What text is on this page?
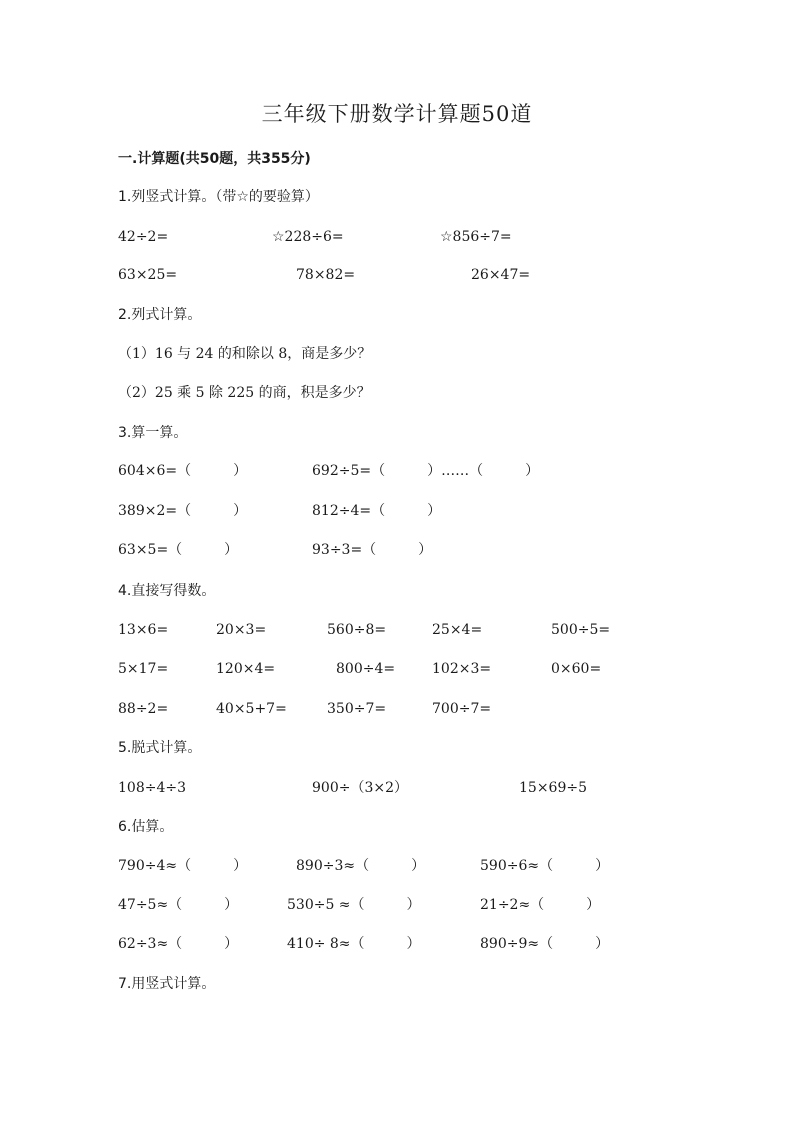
三年级下册数学计算题50道
一.计算题(共50题，共355分)
1.列竖式计算。（带☆的要验算）
42÷2=	☆228÷6=	☆856÷7=
63×25=	78×82=	26×47=
2.列式计算。
（1）16 与 24 的和除以 8，商是多少？
（2）25 乘 5 除 225 的商，积是多少？
3.算一算。
604×6=（　　　）	692÷5=（　　　）……（　　　）
389×2=（　　　）	812÷4=（　　　）
63×5=（　　　）	93÷3=（　　　）
4.直接写得数。
13×6=	20×3=	560÷8=	25×4=	500÷5=
5×17=	120×4=	800÷4=	102×3=	0×60=
88÷2=	40×5+7=	350÷7=	700÷7=
5.脱式计算。
108÷4÷3	900÷（3×2）	15×69÷5
6.估算。
790÷4≈（　　　）	890÷3≈（　　　）	590÷6≈（　　　）
47÷5≈（　　　）	530÷5 ≈（　　　）	21÷2≈（　　　）
62÷3≈（　　　）	410÷ 8≈（　　　）	890÷9≈（　　　）
7.用竖式计算。
